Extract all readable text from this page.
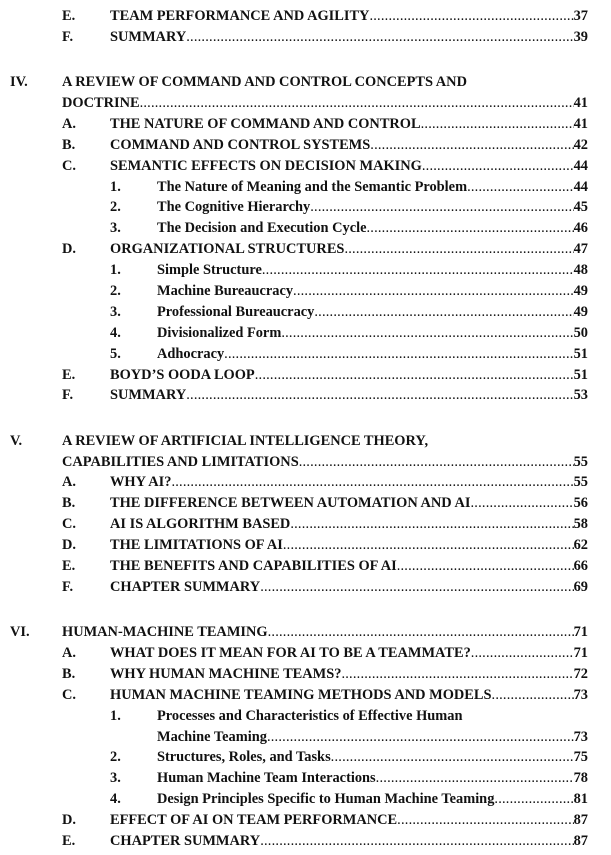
E. TEAM PERFORMANCE AND AGILITY .....	37
F.	SUMMARY .....	39
IV. A REVIEW OF COMMAND AND CONTROL CONCEPTS AND
DOCTRINE .....	41
A. THE NATURE OF COMMAND AND CONTROL .....	41
B. COMMAND AND CONTROL SYSTEMS .....	42
C. SEMANTIC EFFECTS ON DECISION MAKING .....	44
1.	The Nature of Meaning and the Semantic Problem .....	44
2.	The Cognitive Hierarchy .....	45
3.	The Decision and Execution Cycle .....	46
D. ORGANIZATIONAL STRUCTURES .....	47
1.	Simple Structure .....	48
2.	Machine Bureaucracy .....	49
3.	Professional Bureaucracy .....	49
4.	Divisionalized Form .....	50
5.	Adhocracy .....	51
E. BOYD’S OODA LOOP .....	51
F.	SUMMARY .....	53
V.	A REVIEW OF ARTIFICIAL INTELLIGENCE THEORY,
CAPABILITIES AND LIMITATIONS .....	55
A. WHY AI? .....	55
B. THE DIFFERENCE BETWEEN AUTOMATION AND AI .....	56
C. AI IS ALGORITHM BASED .....	58
D. THE LIMITATIONS OF AI .....	62
E. THE BENEFITS AND CAPABILITIES OF AI .....	66
F.	CHAPTER SUMMARY .....	69
VI. HUMAN-MACHINE TEAMING .....	71
A. WHAT DOES IT MEAN FOR AI TO BE A TEAMMATE? .....	71
B. WHY HUMAN MACHINE TEAMS? .....	72
C. HUMAN MACHINE TEAMING METHODS AND MODELS .....	73
1.	Processes and Characteristics of Effective Human
Machine Teaming .....	73
2.	Structures, Roles, and Tasks .....	75
3.	Human Machine Team Interactions .....	78
4.	Design Principles Specific to Human Machine Teaming .....	81
D. EFFECT OF AI ON TEAM PERFORMANCE .....	87
E. CHAPTER SUMMARY .....	87
